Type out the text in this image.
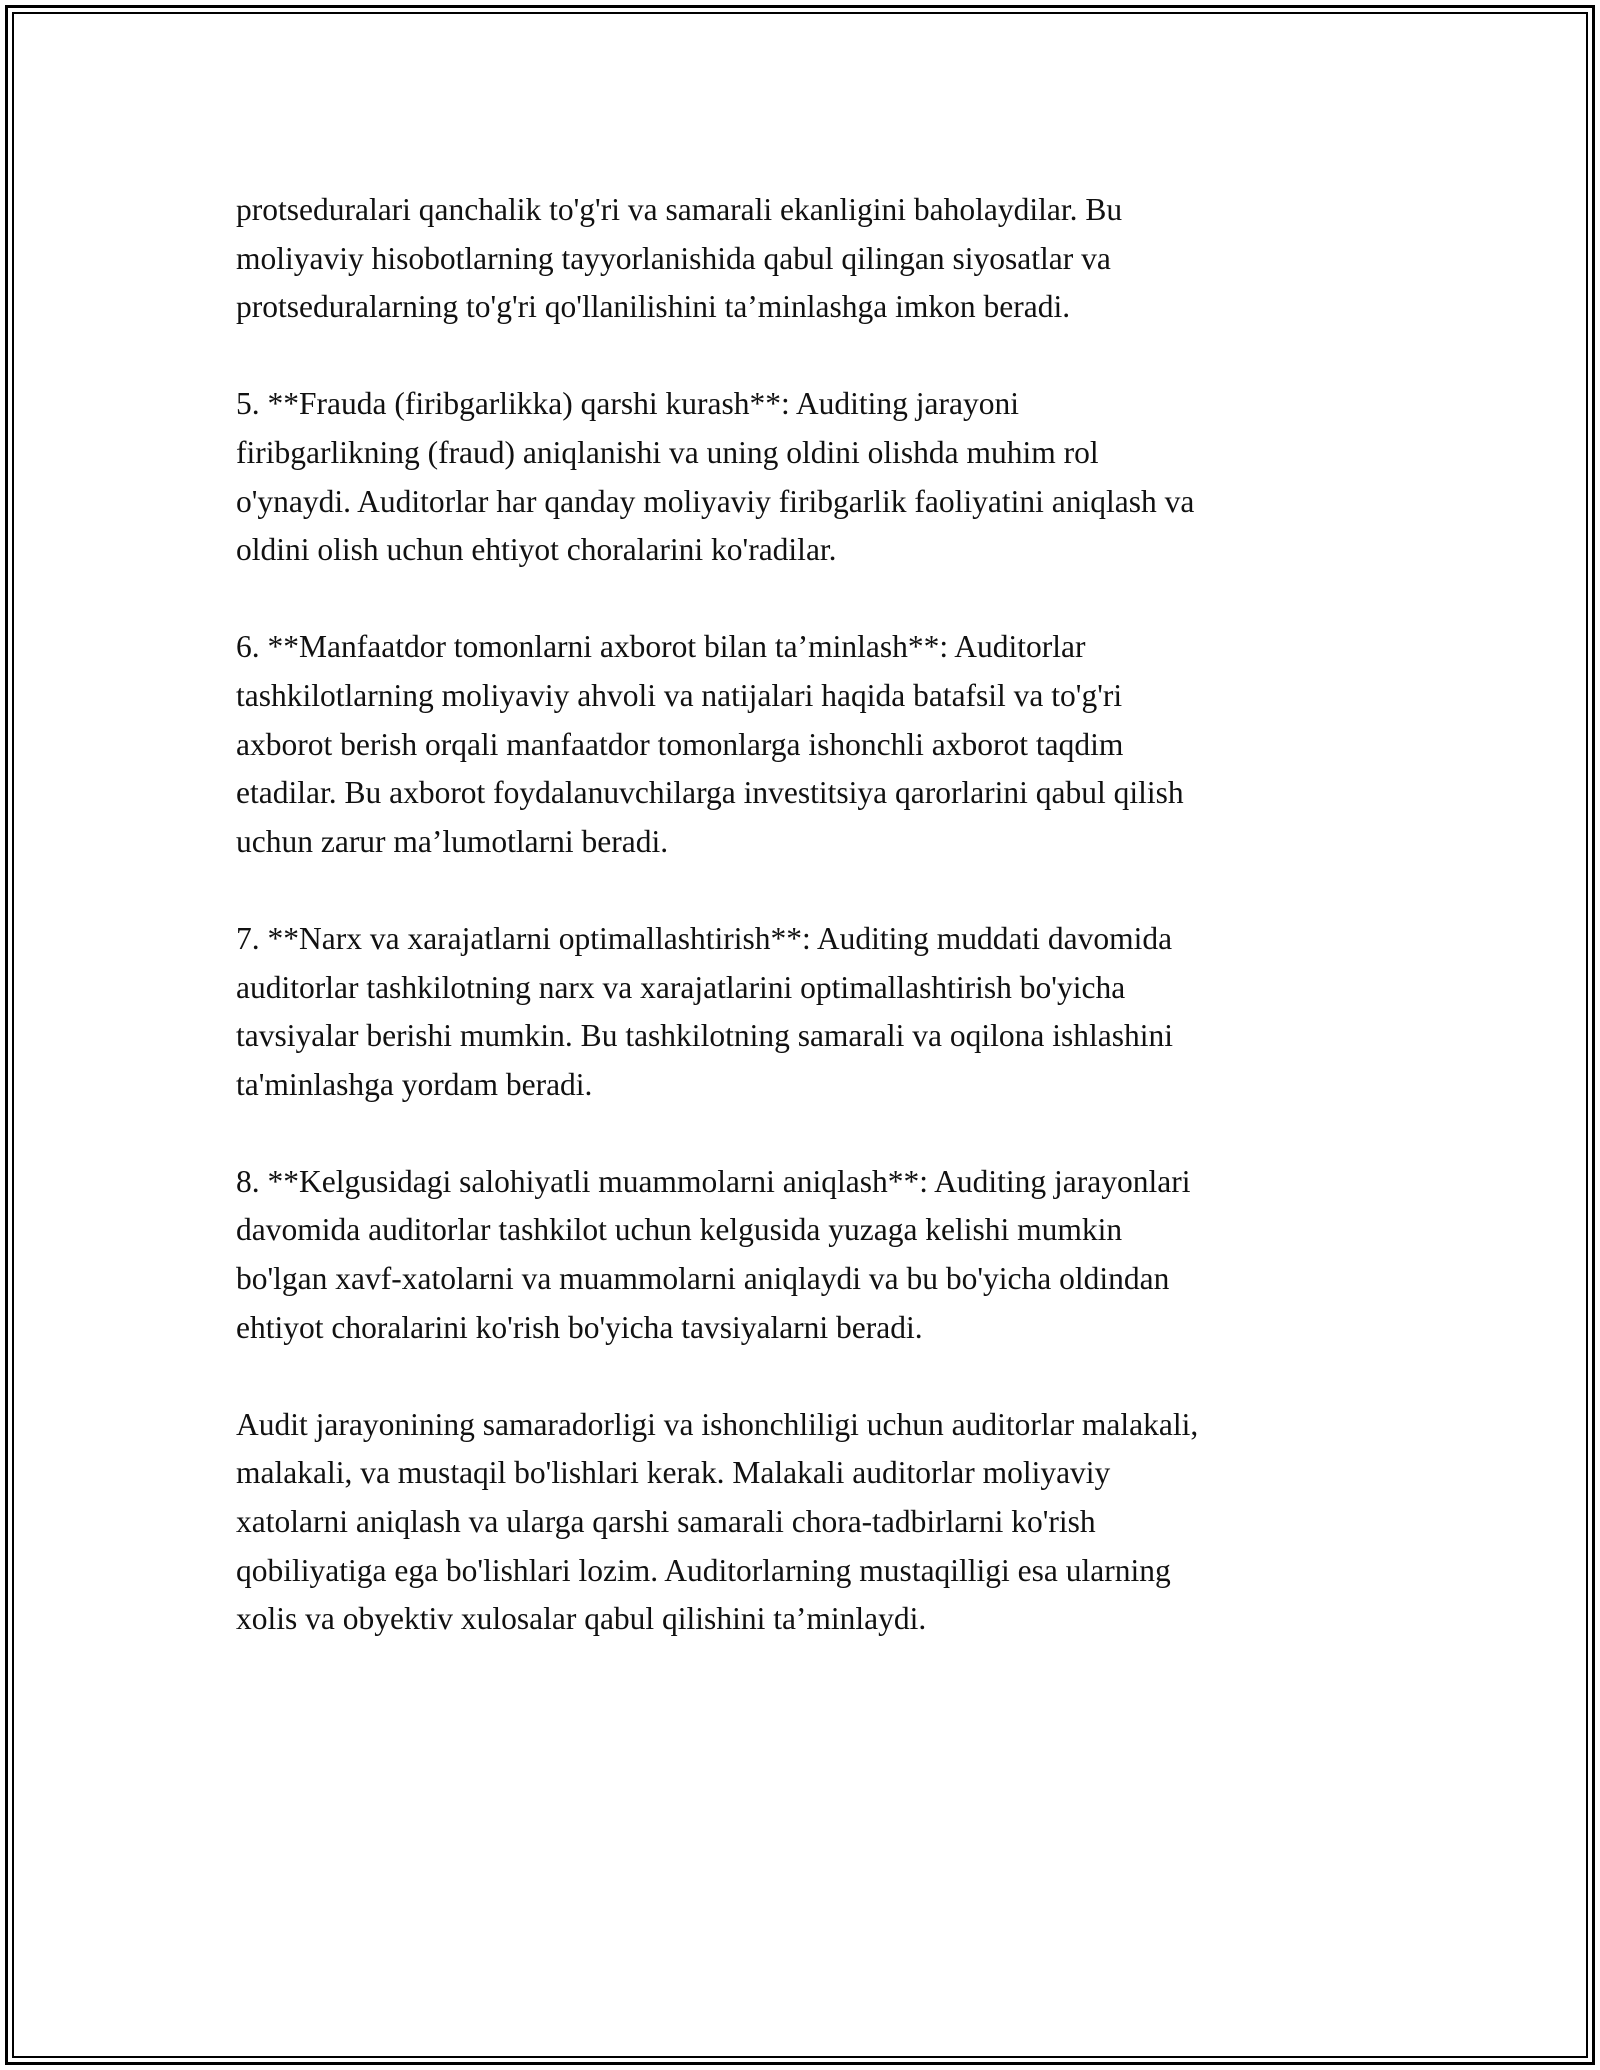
protseduralari qanchalik to'g'ri va samarali ekanligini baholaydilar. Bu
moliyaviy hisobotlarning tayyorlanishida qabul qilingan siyosatlar va
protseduralarning to'g'ri qo'llanilishini ta’minlashga imkon beradi.

5. **Frauda (firibgarlikka) qarshi kurash**: Auditing jarayoni
firibgarlikning (fraud) aniqlanishi va uning oldini olishda muhim rol
o'ynaydi. Auditorlar har qanday moliyaviy firibgarlik faoliyatini aniqlash va
oldini olish uchun ehtiyot choralarini ko'radilar.

6. **Manfaatdor tomonlarni axborot bilan ta’minlash**: Auditorlar
tashkilotlarning moliyaviy ahvoli va natijalari haqida batafsil va to'g'ri
axborot berish orqali manfaatdor tomonlarga ishonchli axborot taqdim
etadilar. Bu axborot foydalanuvchilarga investitsiya qarorlarini qabul qilish
uchun zarur ma’lumotlarni beradi.

7. **Narx va xarajatlarni optimallashtirish**: Auditing muddati davomida
auditorlar tashkilotning narx va xarajatlarini optimallashtirish bo'yicha
tavsiyalar berishi mumkin. Bu tashkilotning samarali va oqilona ishlashini
ta'minlashga yordam beradi.

8. **Kelgusidagi salohiyatli muammolarni aniqlash**: Auditing jarayonlari
davomida auditorlar tashkilot uchun kelgusida yuzaga kelishi mumkin
bo'lgan xavf-xatolarni va muammolarni aniqlaydi va bu bo'yicha oldindan
ehtiyot choralarini ko'rish bo'yicha tavsiyalarni beradi.

Audit jarayonining samaradorligi va ishonchliligi uchun auditorlar malakali,
malakali, va mustaqil bo'lishlari kerak. Malakali auditorlar moliyaviy
xatolarni aniqlash va ularga qarshi samarali chora-tadbirlarni ko'rish
qobiliyatiga ega bo'lishlari lozim. Auditorlarning mustaqilligi esa ularning
xolis va obyektiv xulosalar qabul qilishini ta’minlaydi.
